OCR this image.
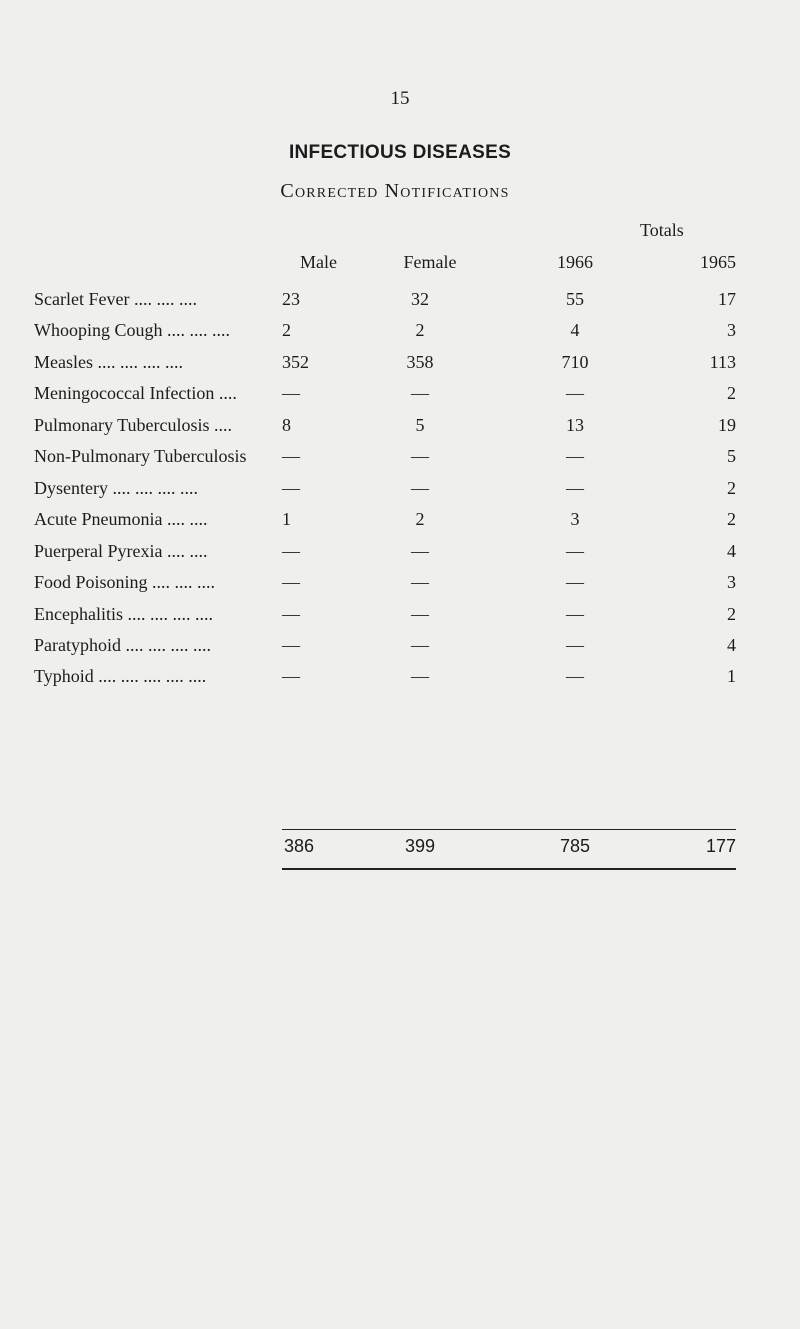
15
INFECTIOUS DISEASES
Corrected Notifications
Totals
Male	Female	1966	1965
Scarlet Fever .... .... ....	23	32	55	17
Whooping Cough .... .... ....	2	2	4	3
Measles .... .... .... ....	352	358	710	113
Meningococcal Infection ....	—	—	—	2
Pulmonary Tuberculosis ....	8	5	13	19
Non-Pulmonary Tuberculosis —	—	—	5
Dysentery .... .... .... ....	—	—	—	2
Acute Pneumonia .... ....	1	2	3	2
Puerperal Pyrexia .... ....	—	—	—	4
Food Poisoning .... .... ....	—	—	—	3
Encephalitis .... .... .... ....	—	—	—	2
Paratyphoid .... .... .... ....	—	—	—	4
Typhoid .... .... .... .... ....	—	—	—	1
386	399	785	177
